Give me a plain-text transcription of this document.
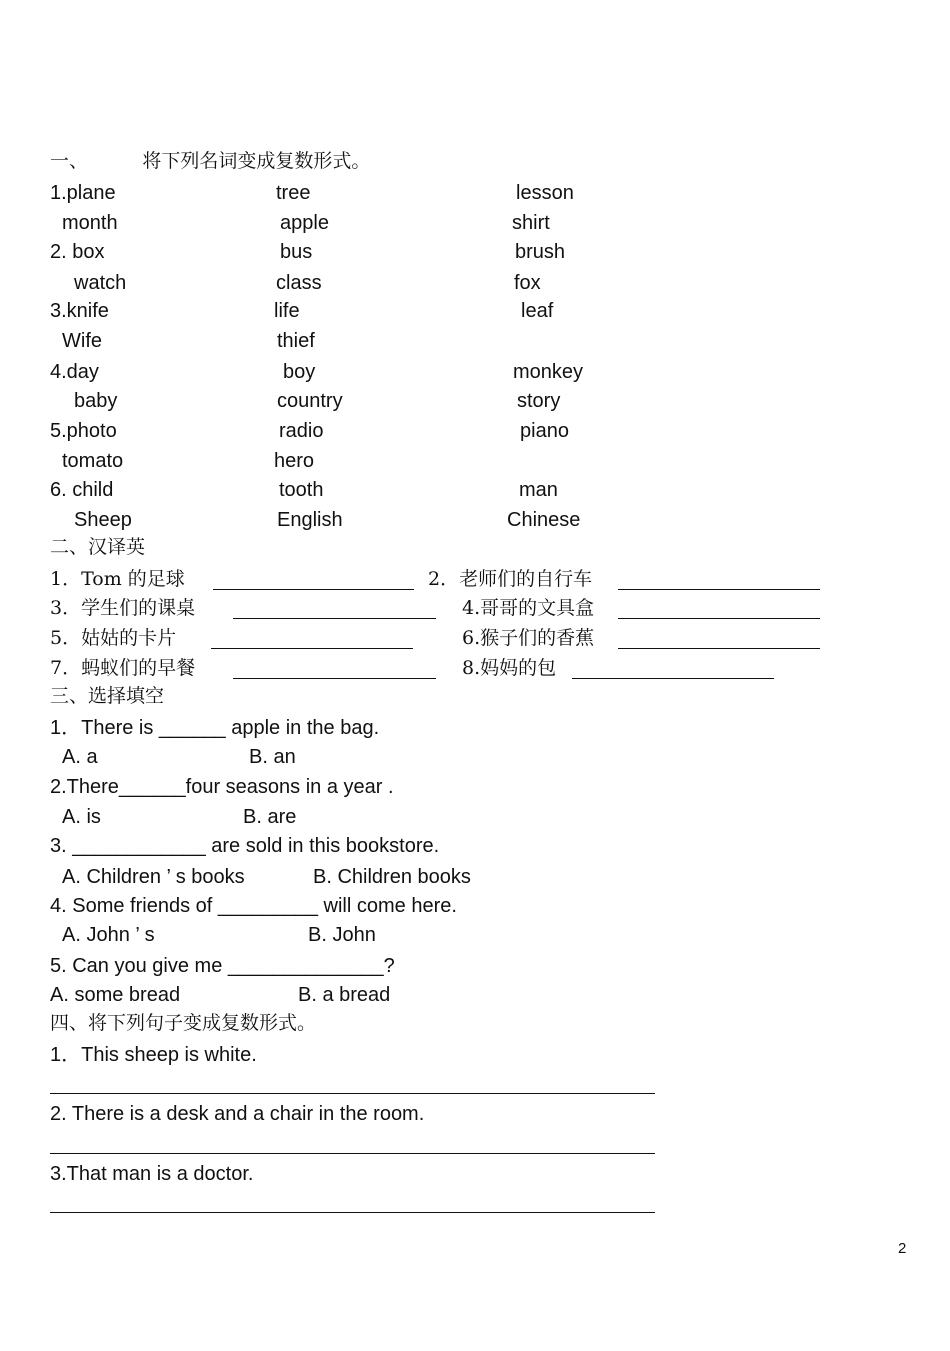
一、         将下列名词变成复数形式。
1.plane	tree	lesson
month	apple	shirt
2. box	bus	brush
watch	class	fox
3.knife	life	leaf
Wife	thief
4.day	boy	monkey
baby	country	story
5.photo	radio	piano
tomato	hero
6. child	tooth	man
Sheep	English	Chinese
二、汉译英
1．Tom 的足球	2．老师们的自行车
3．学生们的课桌	4.哥哥的文具盒
5．姑姑的卡片	6.猴子们的香蕉
7．蚂蚁们的早餐	8.妈妈的包
三、选择填空
1．There is ______ apple in the bag.
A. a	B. an
2.There______four seasons in a year .
A. is	B. are
3. ____________ are sold in this bookstore.
A. Children ’ s books	B. Children books
4. Some friends of _________ will come here.
A. John ’ s	B. John
5. Can you give me ______________?
A. some bread	B. a bread
四、将下列句子变成复数形式。
1．This sheep is white.
2. There is a desk and a chair in the room.
3.That man is a doctor.
2
